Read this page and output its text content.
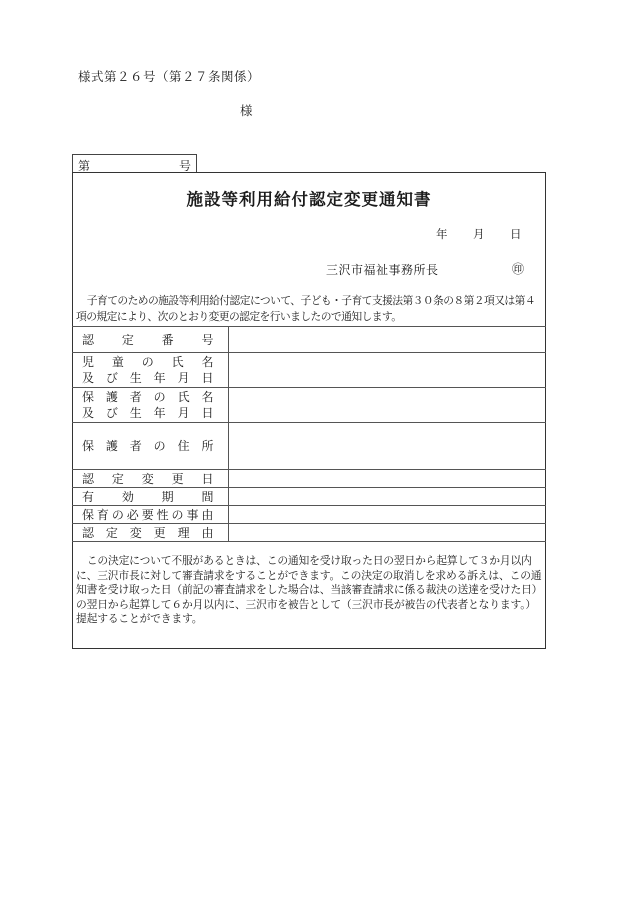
様式第２６号（第２７条関係）
様
第	号
施設等利用給付認定変更通知書
年 月 日
三沢市福祉事務所長	㊞
子育てのための施設等利用給付認定について、子ども・子育て支援法第３０条の８第２項又は第４項の規定により、次のとおり変更の認定を行いましたので通知します。
認 定 番 号	

児 童 の 氏 名
及 び 生 年 月 日

保 護 者 の 氏 名
及 び 生 年 月 日

保 護 者 の 住 所

認 定 変 更 日	

有 効 期 間	

保 育 の 必 要 性 の 事 由

認 定 変 更 理 由

この決定について不服があるときは、この通知を受け取った日の翌日から起算して３か月以内に、三沢市長に対して審査請求をすることができます。この決定の取消しを求める訴えは、この通知書を受け取った日（前記の審査請求をした場合は、当該審査請求に係る裁決の送達を受けた日）の翌日から起算して６か月以内に、三沢市を被告として（三沢市長が被告の代表者となります。）提起することができます。
